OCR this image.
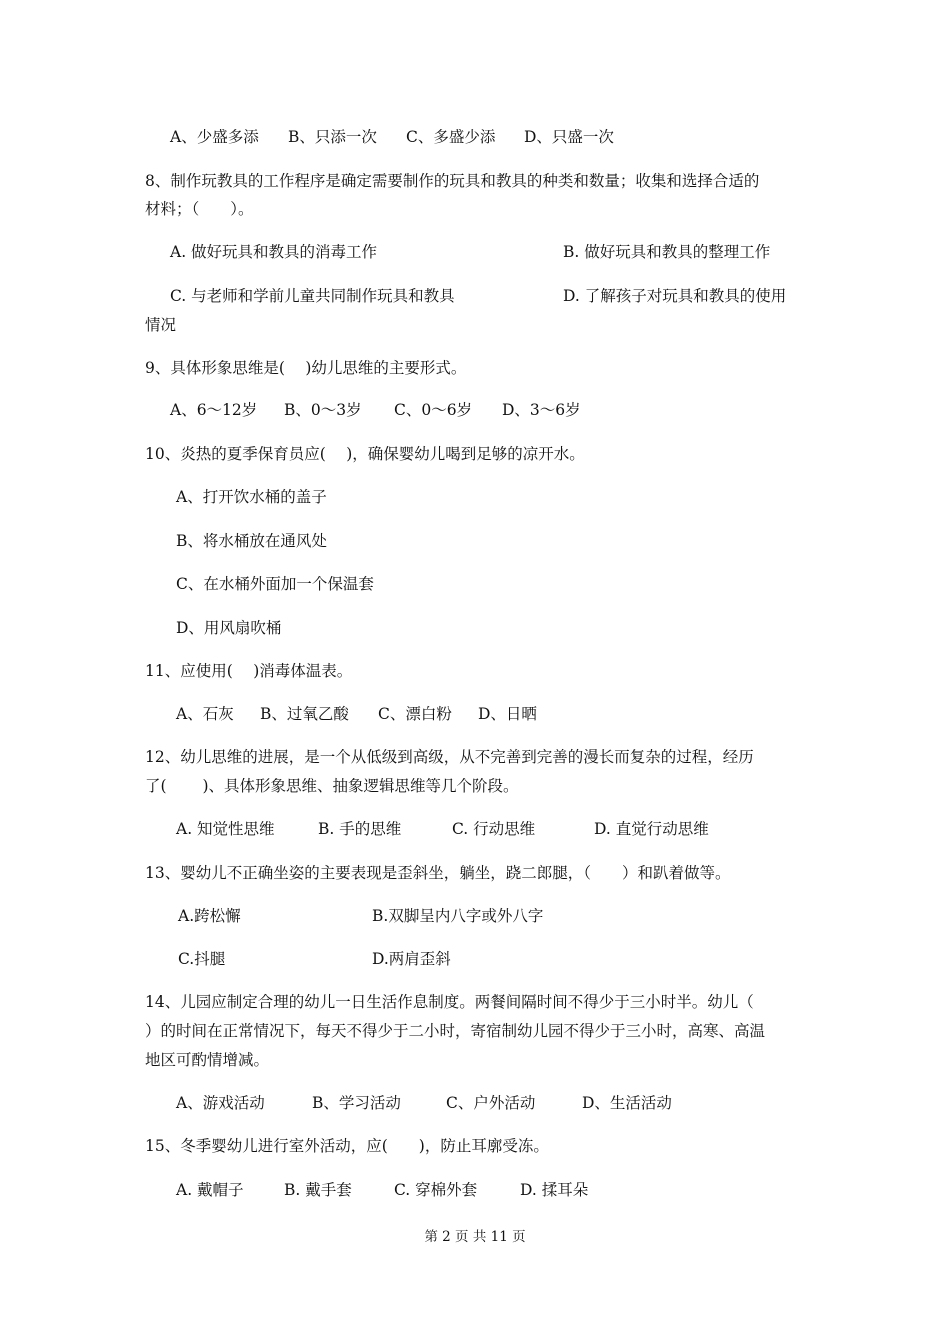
A、少盛多添	B、只添一次	C、多盛少添	D、只盛一次
8、制作玩教具的工作程序是确定需要制作的玩具和教具的种类和数量；收集和选择合适的
材料；（　　）。
A. 做好玩具和教具的消毒工作	B. 做好玩具和教具的整理工作
C. 与老师和学前儿童共同制作玩具和教具	D. 了解孩子对玩具和教具的使用
情况
9、具体形象思维是(　 )幼儿思维的主要形式。
A、6～12岁	B、0～3岁	C、0～6岁	D、3～6岁
10、炎热的夏季保育员应(　 )，确保婴幼儿喝到足够的凉开水。
A、打开饮水桶的盖子
B、将水桶放在通风处
C、在水桶外面加一个保温套
D、用风扇吹桶
11、应使用(　 )消毒体温表。
A、石灰	B、过氧乙酸	C、漂白粉	D、日晒
12、幼儿思维的进展，是一个从低级到高级，从不完善到完善的漫长而复杂的过程，经历
了(　　 )、具体形象思维、抽象逻辑思维等几个阶段。
A. 知觉性思维	B. 手的思维	C. 行动思维	D. 直觉行动思维
13、婴幼儿不正确坐姿的主要表现是歪斜坐，躺坐，跷二郎腿，（　　）和趴着做等。
A.跨松懈	B.双脚呈内八字或外八字
C.抖腿	D.两肩歪斜
14、儿园应制定合理的幼儿一日生活作息制度。两餐间隔时间不得少于三小时半。幼儿（
）的时间在正常情况下，每天不得少于二小时，寄宿制幼儿园不得少于三小时，高寒、高温
地区可酌情增减。
A、游戏活动	B、学习活动	C、户外活动	D、生活活动
15、冬季婴幼儿进行室外活动，应(　　)，防止耳廓受冻。
A. 戴帽子	B. 戴手套	C. 穿棉外套	D. 揉耳朵
第 2 页 共 11 页
